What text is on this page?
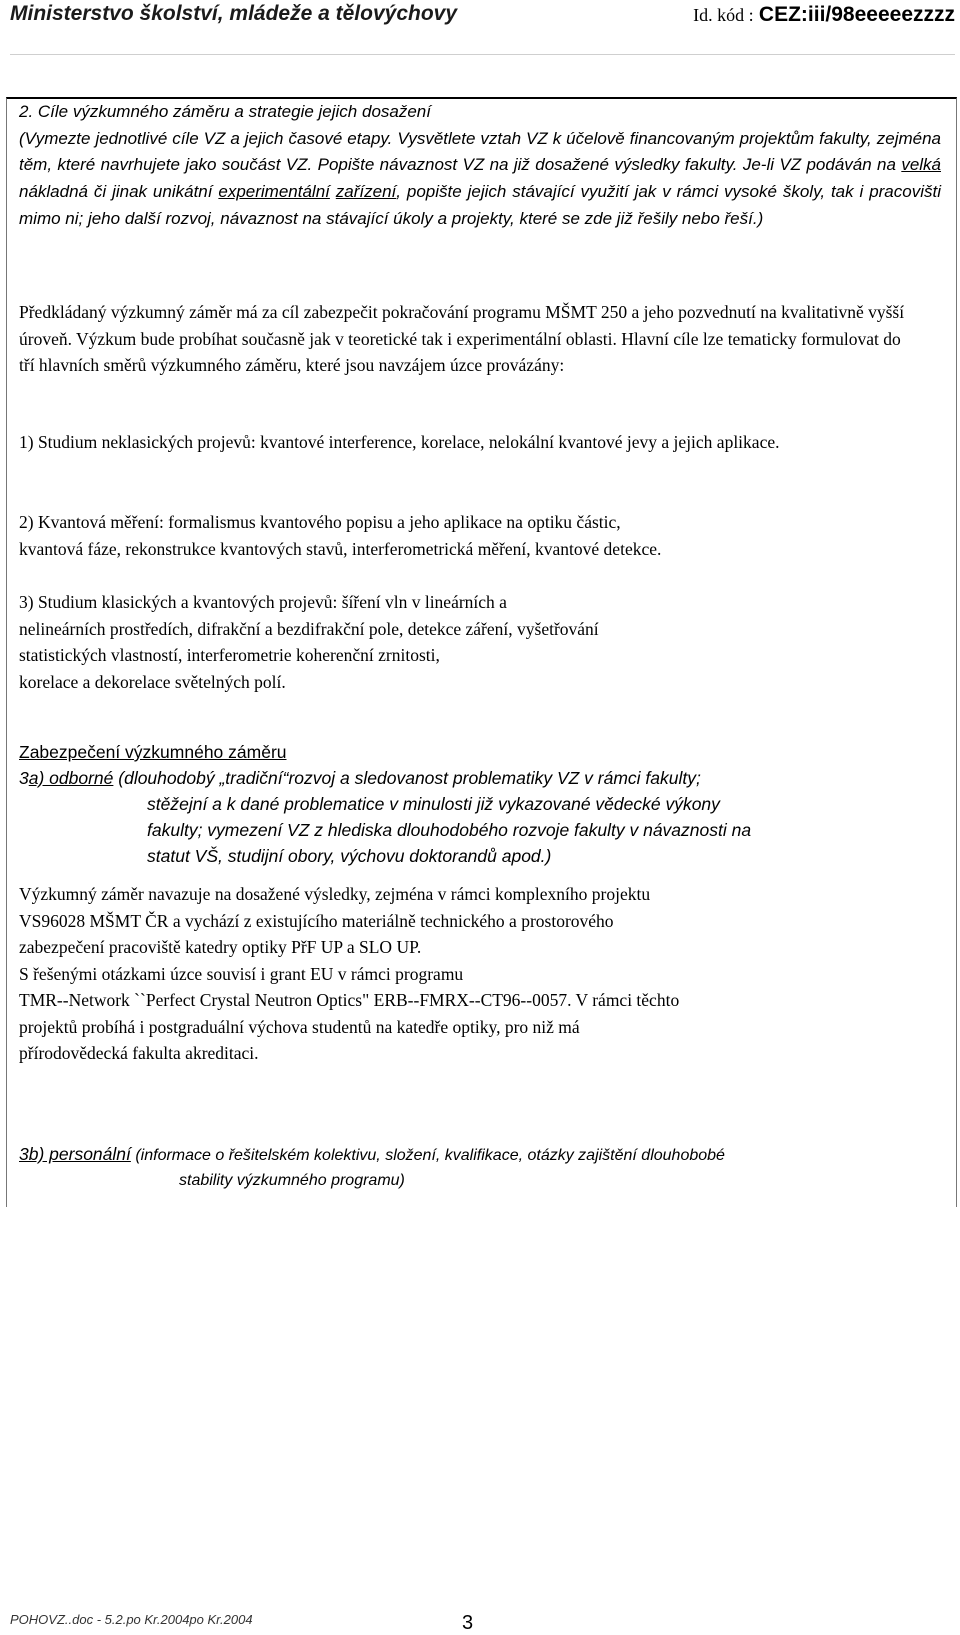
Ministerstvo školství, mládeže a tělovýchovy	Id. kód : CEZ:iii/98eeeeezzzz

2. Cíle výzkumného záměru a strategie jejich dosažení

(Vymezte jednotlivé cíle VZ a jejich časové etapy. Vysvětlete vztah VZ k účelově financovaným projektům fakulty, zejména těm, které navrhujete jako součást VZ. Popište návaznost VZ na již dosažené výsledky fakulty. Je-li VZ podáván na velká nákladná či jinak unikátní experimentální zařízení, popište jejich stávající využití jak v rámci vysoké školy, tak i pracovišti mimo ni; jeho další rozvoj, návaznost na stávající úkoly a projekty, které se zde již řešily nebo řeší.)

Předkládaný výzkumný záměr má za cíl zabezpečit pokračování programu MŠMT 250 a jeho pozvednutí na kvalitativně vyšší úroveň. Výzkum bude probíhat současně jak v teoretické tak i experimentální oblasti. Hlavní cíle lze tematicky formulovat do tří hlavních směrů výzkumného záměru, které jsou navzájem úzce provázány:

1) Studium neklasických projevů: kvantové interference, korelace, nelokální kvantové jevy a jejich aplikace.

2) Kvantová měření: formalismus kvantového popisu a jeho aplikace na optiku částic,
kvantová fáze, rekonstrukce kvantových stavů, interferometrická měření, kvantové detekce.
3) Studium klasických a kvantových projevů: šíření vln v lineárních a
nelineárních prostředích, difrakční a bezdifrakční pole, detekce záření, vyšetřování
statistických vlastností, interferometrie koherenční zrnitosti,
korelace a dekorelace světelných polí.
Zabezpečení výzkumného záměru
3a) odborné (dlouhodobý „tradiční“rozvoj a sledovanost problematiky VZ v rámci fakulty;
stěžejní a k dané problematice v minulosti již vykazované vědecké výkony
fakulty; vymezení VZ z hlediska dlouhodobého rozvoje fakulty v návaznosti na
statut VŠ, studijní obory, výchovu doktorandů apod.)
Výzkumný záměr navazuje na dosažené výsledky, zejména v rámci komplexního projektu
VS96028 MŠMT ČR a vychází z existujícího materiálně technického a prostorového
zabezpečení pracoviště katedry optiky PřF UP a SLO UP.
S řešenými otázkami úzce souvisí i grant EU v rámci programu
TMR--Network ``Perfect Crystal Neutron Optics" ERB--FMRX--CT96--0057. V rámci těchto
projektů probíhá i postgraduální výchova studentů na katedře optiky, pro niž má
přírodovědecká fakulta akreditaci.
3b) personální (informace o řešitelském kolektivu, složení, kvalifikace, otázky zajištění dlouhobobé
stability výzkumného programu)
POHOVZ..doc - 5.2.po Kr.2004po Kr.2004	3
